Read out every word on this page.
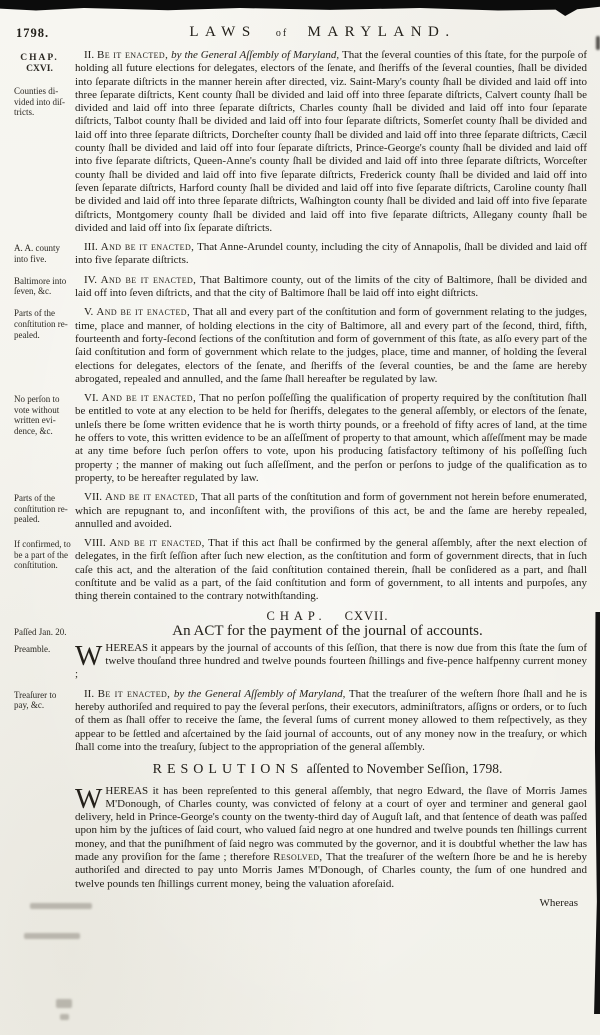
1798.	LAWS of MARYLAND.
CHAP.
CXVI.
Counties di- vided into diſ- tricts.
II. Be it enacted, by the General Aſſembly of Maryland, That the ſeveral counties of this ſtate, for the purpoſe of holding all future elections for delegates, electors of the ſenate, and ſheriffs of the ſeveral counties, ſhall be divided into ſeparate diſtricts in the manner herein after directed, viz. Saint-Mary's county ſhall be divided and laid off into three ſeparate diſtricts, Kent county ſhall be divided and laid off into three ſeparate diſtricts, Calvert county ſhall be divided and laid off into three ſeparate diſtricts, Charles county ſhall be divided and laid off into four ſeparate diſtricts, Talbot county ſhall be divided and laid off into four ſeparate diſtricts, Somerſet county ſhall be divided and laid off into three ſeparate diſtricts, Dorcheſter county ſhall be divided and laid off into three ſeparate diſtricts, Cæcil county ſhall be divided and laid off into four ſeparate diſtricts, Prince-George's county ſhall be divided and laid off into five ſeparate diſtricts, Queen-Anne's county ſhall be divided and laid off into three ſeparate diſtricts, Worceſter county ſhall be divided and laid off into five ſeparate diſtricts, Frederick county ſhall be divided and laid off into ſeven ſeparate diſtricts, Harford county ſhall be divided and laid off into five ſeparate diſtricts, Caroline county ſhall be divided and laid off into three ſeparate diſtricts, Waſhington county ſhall be divided and laid off into five ſeparate diſtricts, Montgomery county ſhall be divided and laid off into five ſeparate diſtricts, Allegany county ſhall be divided and laid off into ſix ſeparate diſtricts.
A. A. county into five.
III. And be it enacted, That Anne-Arundel county, including the city of Annapolis, ſhall be divided and laid off into five ſeparate diſtricts.
Baltimore into ſeven, &c.
IV. And be it enacted, That Baltimore county, out of the limits of the city of Baltimore, ſhall be divided and laid off into ſeven diſtricts, and that the city of Baltimore ſhall be laid off into eight diſtricts.
Parts of the conſtitution re- pealed.
V. And be it enacted, That all and every part of the conſtitution and form of government relating to the judges, time, place and manner, of holding elections in the city of Baltimore, all and every part of the ſecond, third, fifth, fourteenth and forty-ſecond ſections of the conſtitution and form of government of this ſtate, as alſo every part of the ſaid conſtitution and form of government which relate to the judges, place, time and manner, of holding the ſeveral elections for delegates, electors of the ſenate, and ſheriffs of the ſeveral counties, be and the ſame are hereby abrogated, repealed and annulled, and the ſame ſhall hereafter be regulated by law.
No perſon to vote without written evi- dence, &c.
VI. And be it enacted, That no perſon poſſeſſing the qualification of property required by the conſtitution ſhall be entitled to vote at any election to be held for ſheriffs, delegates to the general aſſembly, or electors of the ſenate, unleſs there be ſome written evidence that he is worth thirty pounds, or a freehold of fifty acres of land, at the time he offers to vote, this written evidence to be an aſſeſſment of property to that amount, which aſſeſſment may be made at any time before ſuch perſon offers to vote, upon his producing ſatisfactory teſtimony of his poſſeſſing ſuch property ; the manner of making out ſuch aſſeſſment, and the perſon or perſons to judge of the qualification as to property, to be hereafter regulated by law.
Parts of the conſtitution re- pealed.
VII. And be it enacted, That all parts of the conſtitution and form of government not herein before enumerated, which are repugnant to, and inconſiſtent with, the proviſions of this act, be and the ſame are hereby repealed, annulled and avoided.
If confirmed, to be a part of the conſtitution.
VIII. And be it enacted, That if this act ſhall be confirmed by the general aſſembly, after the next election of delegates, in the firſt ſeſſion after ſuch new election, as the conſtitution and form of government directs, that in ſuch caſe this act, and the alteration of the ſaid conſtitution contained therein, ſhall be conſidered as a part, and ſhall conſtitute and be valid as a part, of the ſaid conſtitution and form of government, to all intents and purpoſes, any thing therein contained to the contrary notwithſtanding.
Paſſed Jan. 20.
CHAP. CXVII.
An ACT for the payment of the journal of accounts.
Preamble. WHEREAS it appears by the journal of accounts of this ſeſſion, that there is now due from this ſtate the ſum of twelve thouſand three hundred and twelve pounds fourteen ſhillings and five-pence halfpenny current money ;
Treaſurer to pay, &c.
II. Be it enacted, by the General Aſſembly of Maryland, That the treaſurer of the weſtern ſhore ſhall and he is hereby authoriſed and required to pay the ſeveral perſons, their executors, adminiſtrators, aſſigns or orders, or to ſuch of them as ſhall offer to receive the ſame, the ſeveral ſums of current money allowed to them reſpectively, as they appear to be ſettled and aſcertained by the ſaid journal of accounts, out of any money now in the treaſury, or which ſhall come into the treaſury, ſubject to the appropriation of the general aſſembly.
RESOLUTIONS aſſented to November Seſſion, 1798.
WHEREAS it has been repreſented to this general aſſembly, that negro Edward, the ſlave of Morris James M'Donough, of Charles county, was convicted of felony at a court of oyer and terminer and general gaol delivery, held in Prince-George's county on the twenty-third day of Auguſt laſt, and that ſentence of death was paſſed upon him by the juſtices of ſaid court, who valued ſaid negro at one hundred and twelve pounds ten ſhillings current money, and that the puniſhment of ſaid negro was commuted by the governor, and it is doubtful whether the law has made any proviſion for the ſame ; therefore Resolved, That the treaſurer of the weſtern ſhore be and he is hereby authoriſed and directed to pay unto Morris James M'Donough, of Charles county, the ſum of one hundred and twelve pounds ten ſhillings current money, being the valuation aforeſaid.
Whereas
